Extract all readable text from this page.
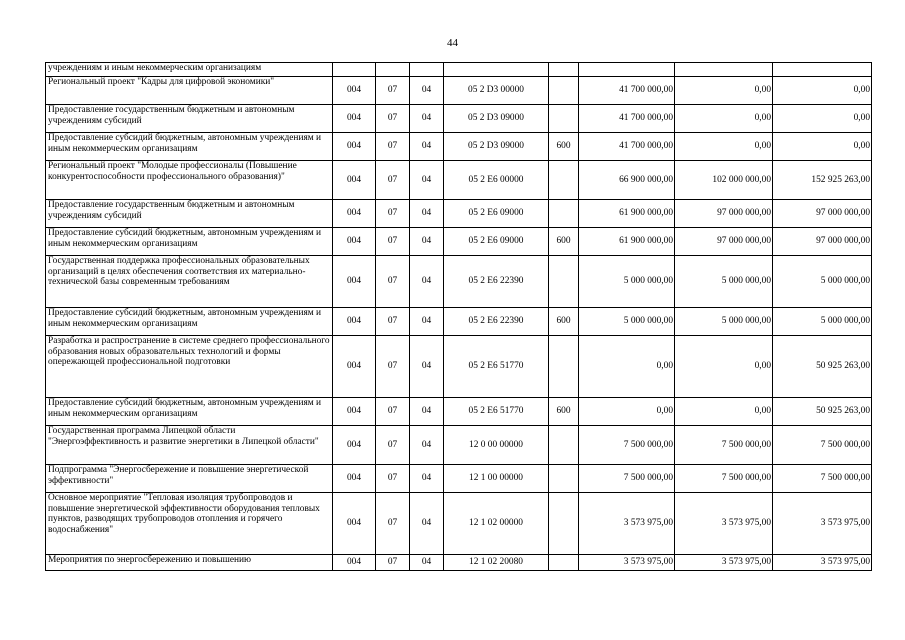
44
учреждениям и иным некоммерческим организациям								
Региональный проект "Кадры для цифровой экономики"	004	07	04	05 2 D3 00000		41 700 000,00	0,00	0,00
Предоставление государственным бюджетным и автономным учреждениям субсидий	004	07	04	05 2 D3 09000		41 700 000,00	0,00	0,00
Предоставление субсидий бюджетным, автономным учреждениям и иным некоммерческим организациям	004	07	04	05 2 D3 09000	600	41 700 000,00	0,00	0,00
Региональный проект "Молодые профессионалы (Повышение конкурентоспособности профессионального образования)"	004	07	04	05 2 E6 00000		66 900 000,00	102 000 000,00	152 925 263,00
Предоставление государственным бюджетным и автономным учреждениям субсидий	004	07	04	05 2 E6 09000		61 900 000,00	97 000 000,00	97 000 000,00
Предоставление субсидий бюджетным, автономным учреждениям и иным некоммерческим организациям	004	07	04	05 2 E6 09000	600	61 900 000,00	97 000 000,00	97 000 000,00
Государственная поддержка профессиональных образовательных организаций в целях обеспечения соответствия их материально-технической базы современным требованиям	004	07	04	05 2 E6 22390		5 000 000,00	5 000 000,00	5 000 000,00
Предоставление субсидий бюджетным, автономным учреждениям и иным некоммерческим организациям	004	07	04	05 2 E6 22390	600	5 000 000,00	5 000 000,00	5 000 000,00
Разработка и распространение в системе среднего профессионального образования новых образовательных технологий и формы опережающей профессиональной подготовки	004	07	04	05 2 E6 51770		0,00	0,00	50 925 263,00
Предоставление субсидий бюджетным, автономным учреждениям и иным некоммерческим организациям	004	07	04	05 2 E6 51770	600	0,00	0,00	50 925 263,00
Государственная программа Липецкой области "Энергоэффективность и развитие энергетики в Липецкой области"	004	07	04	12 0 00 00000		7 500 000,00	7 500 000,00	7 500 000,00
Подпрограмма "Энергосбережение и повышение энергетической эффективности"	004	07	04	12 1 00 00000		7 500 000,00	7 500 000,00	7 500 000,00
Основное мероприятие "Тепловая изоляция трубопроводов и повышение энергетической эффективности оборудования тепловых пунктов, разводящих трубопроводов отопления и горячего водоснабжения"	004	07	04	12 1 02 00000		3 573 975,00	3 573 975,00	3 573 975,00
Мероприятия по энергосбережению и повышению	004	07	04	12 1 02 20080		3 573 975,00	3 573 975,00	3 573 975,00
